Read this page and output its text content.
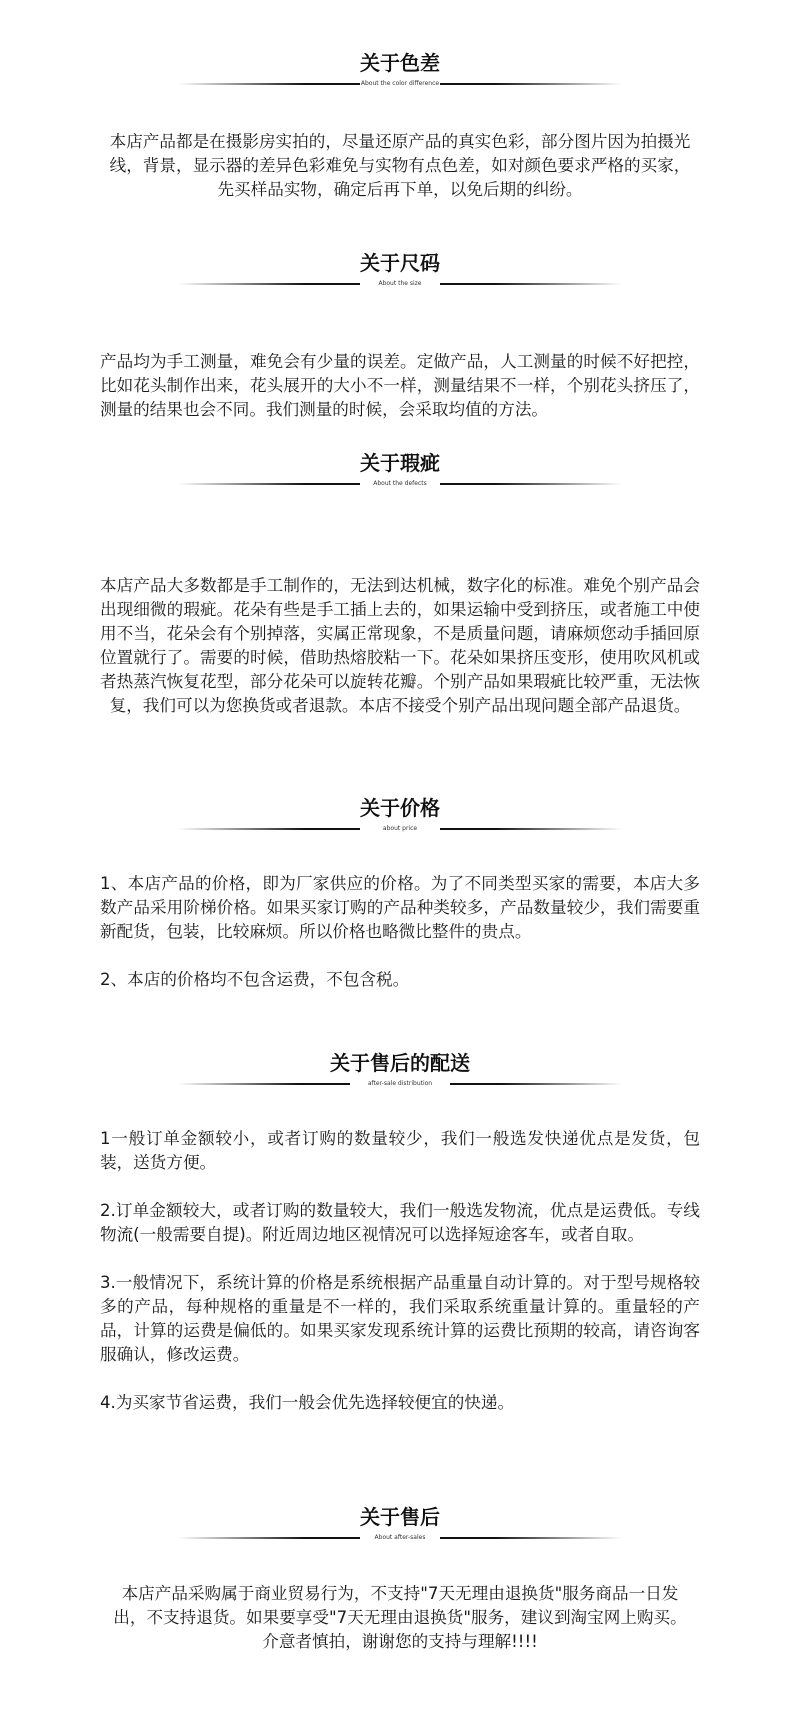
关于色差
About the color difference
本店产品都是在摄影房实拍的，尽量还原产品的真实色彩，部分图片因为拍摄光线，背景，显示器的差异色彩难免与实物有点色差，如对颜色要求严格的买家，先买样品实物，确定后再下单，以免后期的纠纷。
关于尺码
About the size
产品均为手工测量，难免会有少量的误差。定做产品，人工测量的时候不好把控，比如花头制作出来，花头展开的大小不一样，测量结果不一样，个别花头挤压了，测量的结果也会不同。我们测量的时候，会采取均值的方法。
关于瑕疵
About the defects
本店产品大多数都是手工制作的，无法到达机械，数字化的标准。难免个别产品会出现细微的瑕疵。花朵有些是手工插上去的，如果运输中受到挤压，或者施工中使用不当，花朵会有个别掉落，实属正常现象，不是质量问题，请麻烦您动手插回原位置就行了。需要的时候，借助热熔胶粘一下。花朵如果挤压变形，使用吹风机或者热蒸汽恢复花型，部分花朵可以旋转花瓣。个别产品如果瑕疵比较严重，无法恢复，我们可以为您换货或者退款。本店不接受个别产品出现问题全部产品退货。
关于价格
about price

1、本店产品的价格，即为厂家供应的价格。为了不同类型买家的需要，本店大多数产品采用阶梯价格。如果买家订购的产品种类较多，产品数量较少，我们需要重新配货，包装，比较麻烦。所以价格也略微比整件的贵点。

2、本店的价格均不包含运费，不包含税。

关于售后的配送
after-sale distribution

1一般订单金额较小，或者订购的数量较少，我们一般选发快递优点是发货，包装，送货方便。

2.订单金额较大，或者订购的数量较大，我们一般选发物流，优点是运费低。专线物流(一般需要自提)。附近周边地区视情况可以选择短途客车，或者自取。

3.一般情况下，系统计算的价格是系统根据产品重量自动计算的。对于型号规格较多的产品，每种规格的重量是不一样的，我们采取系统重量计算的。重量轻的产品，计算的运费是偏低的。如果买家发现系统计算的运费比预期的较高，请咨询客服确认，修改运费。

4.为买家节省运费，我们一般会优先选择较便宜的快递。

关于售后
About after-sales
本店产品采购属于商业贸易行为，不支持"7天无理由退换货"服务商品一日发出，不支持退货。如果要享受"7天无理由退换货"服务，建议到淘宝网上购买。介意者慎拍，谢谢您的支持与理解!!!!
